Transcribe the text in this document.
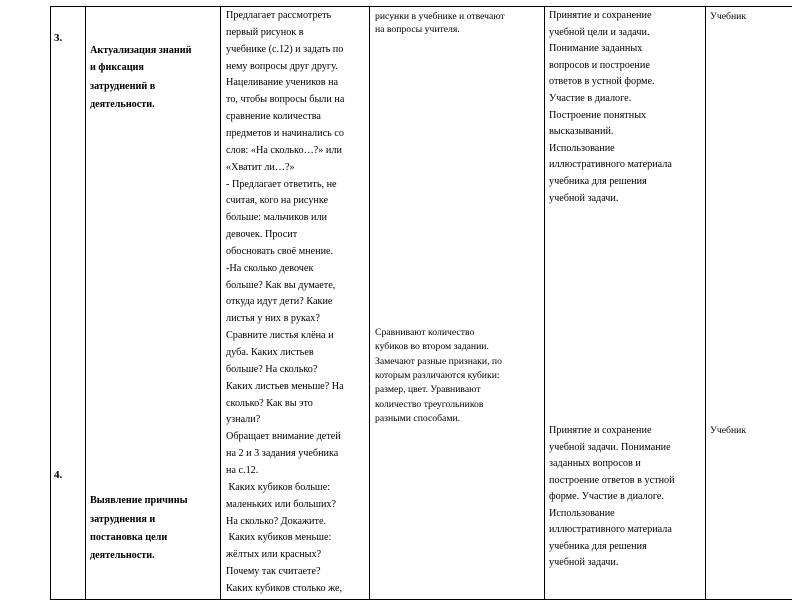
3.
4.
Актуализация знаний
и фиксация
затруднений в
деятельности.
Выявление причины
затруднения и
постановка цели
деятельности.
Предлагает рассмотреть
первый рисунок в
учебнике (с.12) и задать по
нему вопросы друг другу.
Нацеливание учеников на
то, чтобы вопросы были на
сравнение количества
предметов и начинались со
слов: «На сколько…?» или
«Хватит ли…?»
- Предлагает ответить, не
считая, кого на рисунке
больше: мальчиков или
девочек. Просит
обосновать своё мнение.
-На сколько девочек
больше? Как вы думаете,
откуда идут дети? Какие
листья у них в руках?
Сравните листья клёна и
дуба. Каких листьев
больше? На сколько?
Каких листьев меньше? На
сколько? Как вы это
узнали?
Обращает внимание детей
на 2 и 3 задания учебника
на с.12.
Каких кубиков больше:
маленьких или больших?
На сколько? Докажите.
Каких кубиков меньше:
жёлтых или красных?
Почему так считаете?
Каких кубиков столько же,
рисунки в учебнике и отвечают
на вопросы учителя.
Сравнивают количество
кубиков во втором задании.
Замечают разные признаки, по
которым различаются кубики:
размер, цвет. Уравнивают
количество треугольников
разными способами.
Принятие и сохранение
учебной цели и задачи.
Понимание заданных
вопросов и построение
ответов в устной форме.
Участие в диалоге.
Построение понятных
высказываний.
Использование
иллюстративного материала
учебника для решения
учебной задачи.
Принятие и сохранение
учебной задачи. Понимание
заданных вопросов и
построение ответов в устной
форме. Участие в диалоге.
Использование
иллюстративного материала
учебника для решения
учебной задачи.
Учебник
Учебник
